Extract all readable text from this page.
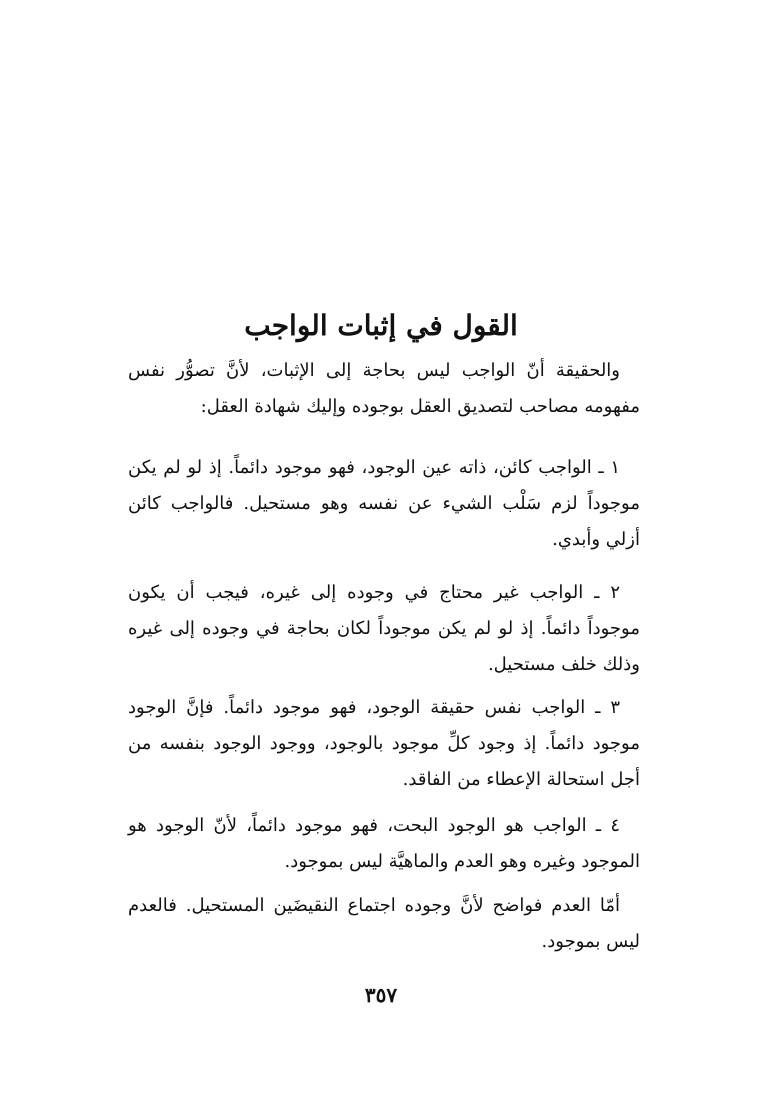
القول في إثبات الواجب

والحقيقة أنّ الواجب ليس بحاجة إلى الإثبات، لأنَّ تصوُّر نفس مفهومه مصاحب لتصديق العقل بوجوده وإليك شهادة العقل:

١ ـ الواجب كائن، ذاته عين الوجود، فهو موجود دائماً. إذ لو لم يكن موجوداً لزم سَلْب الشيء عن نفسه وهو مستحيل. فالواجب كائن أزلي وأبدي.

٢ ـ الواجب غير محتاج في وجوده إلى غيره، فيجب أن يكون موجوداً دائماً. إذ لو لم يكن موجوداً لكان بحاجة في وجوده إلى غيره وذلك خلف مستحيل.

٣ ـ الواجب نفس حقيقة الوجود، فهو موجود دائماً. فإنَّ الوجود موجود دائماً. إذ وجود كلِّ موجود بالوجود، ووجود الوجود بنفسه من أجل استحالة الإعطاء من الفاقد.

٤ ـ الواجب هو الوجود البحت، فهو موجود دائماً، لأنّ الوجود هو الموجود وغيره وهو العدم والماهيَّة ليس بموجود.

أمّا العدم فواضح لأنَّ وجوده اجتماع النقيضَين المستحيل. فالعدم ليس بموجود.

٣٥٧
